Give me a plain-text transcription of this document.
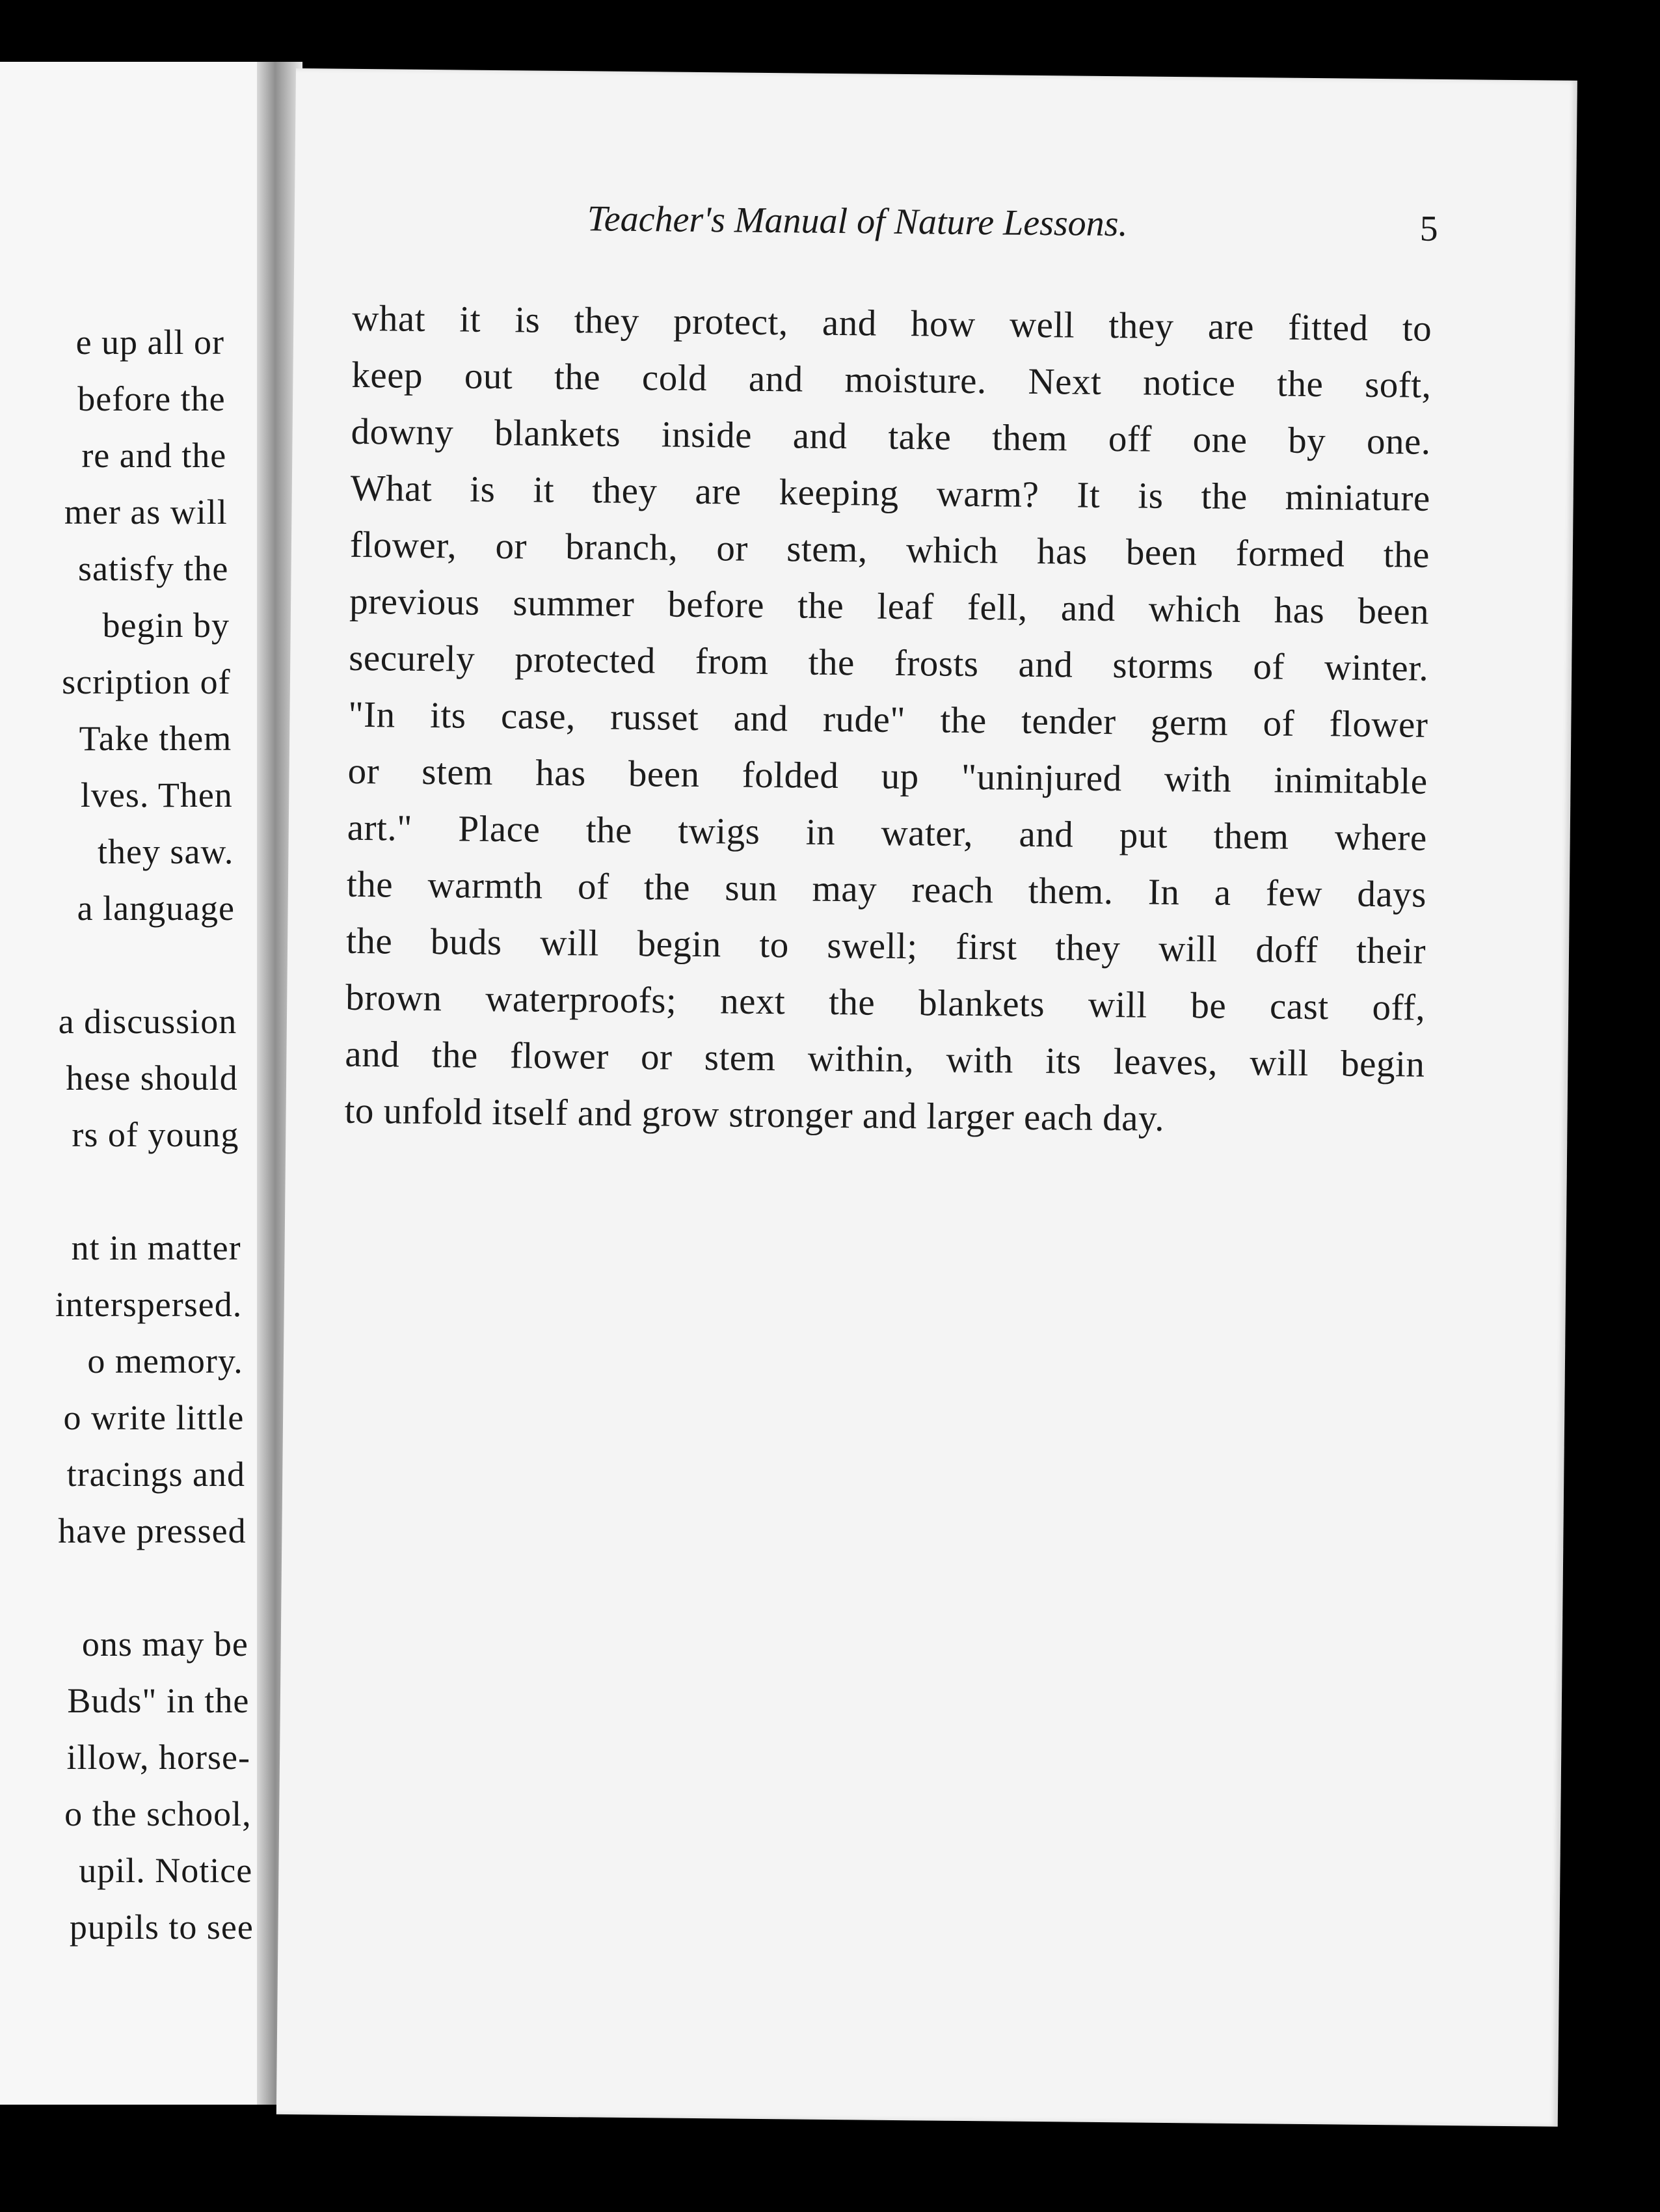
e up all or
before the
re and the
mer as will
satisfy the
begin by
scription of
Take them
lves. Then
they saw.
a language
a discussion
hese should
rs of young
nt in matter
interspersed.
o memory.
o write little
tracings and
have pressed
ons may be
Buds" in the
illow, horse-
o the school,
upil. Notice
pupils to see
Teacher's Manual of Nature Lessons.	5
what it is they protect, and how well they are fitted to
keep out the cold and moisture. Next notice the soft,
downy blankets inside and take them off one by one.
What is it they are keeping warm? It is the miniature
flower, or branch, or stem, which has been formed the
previous summer before the leaf fell, and which has been
securely protected from the frosts and storms of winter.
"In its case, russet and rude" the tender germ of flower
or stem has been folded up "uninjured with inimitable
art." Place the twigs in water, and put them where
the warmth of the sun may reach them. In a few days
the buds will begin to swell; first they will doff their
brown waterproofs; next the blankets will be cast off,
and the flower or stem within, with its leaves, will begin
to unfold itself and grow stronger and larger each day.
